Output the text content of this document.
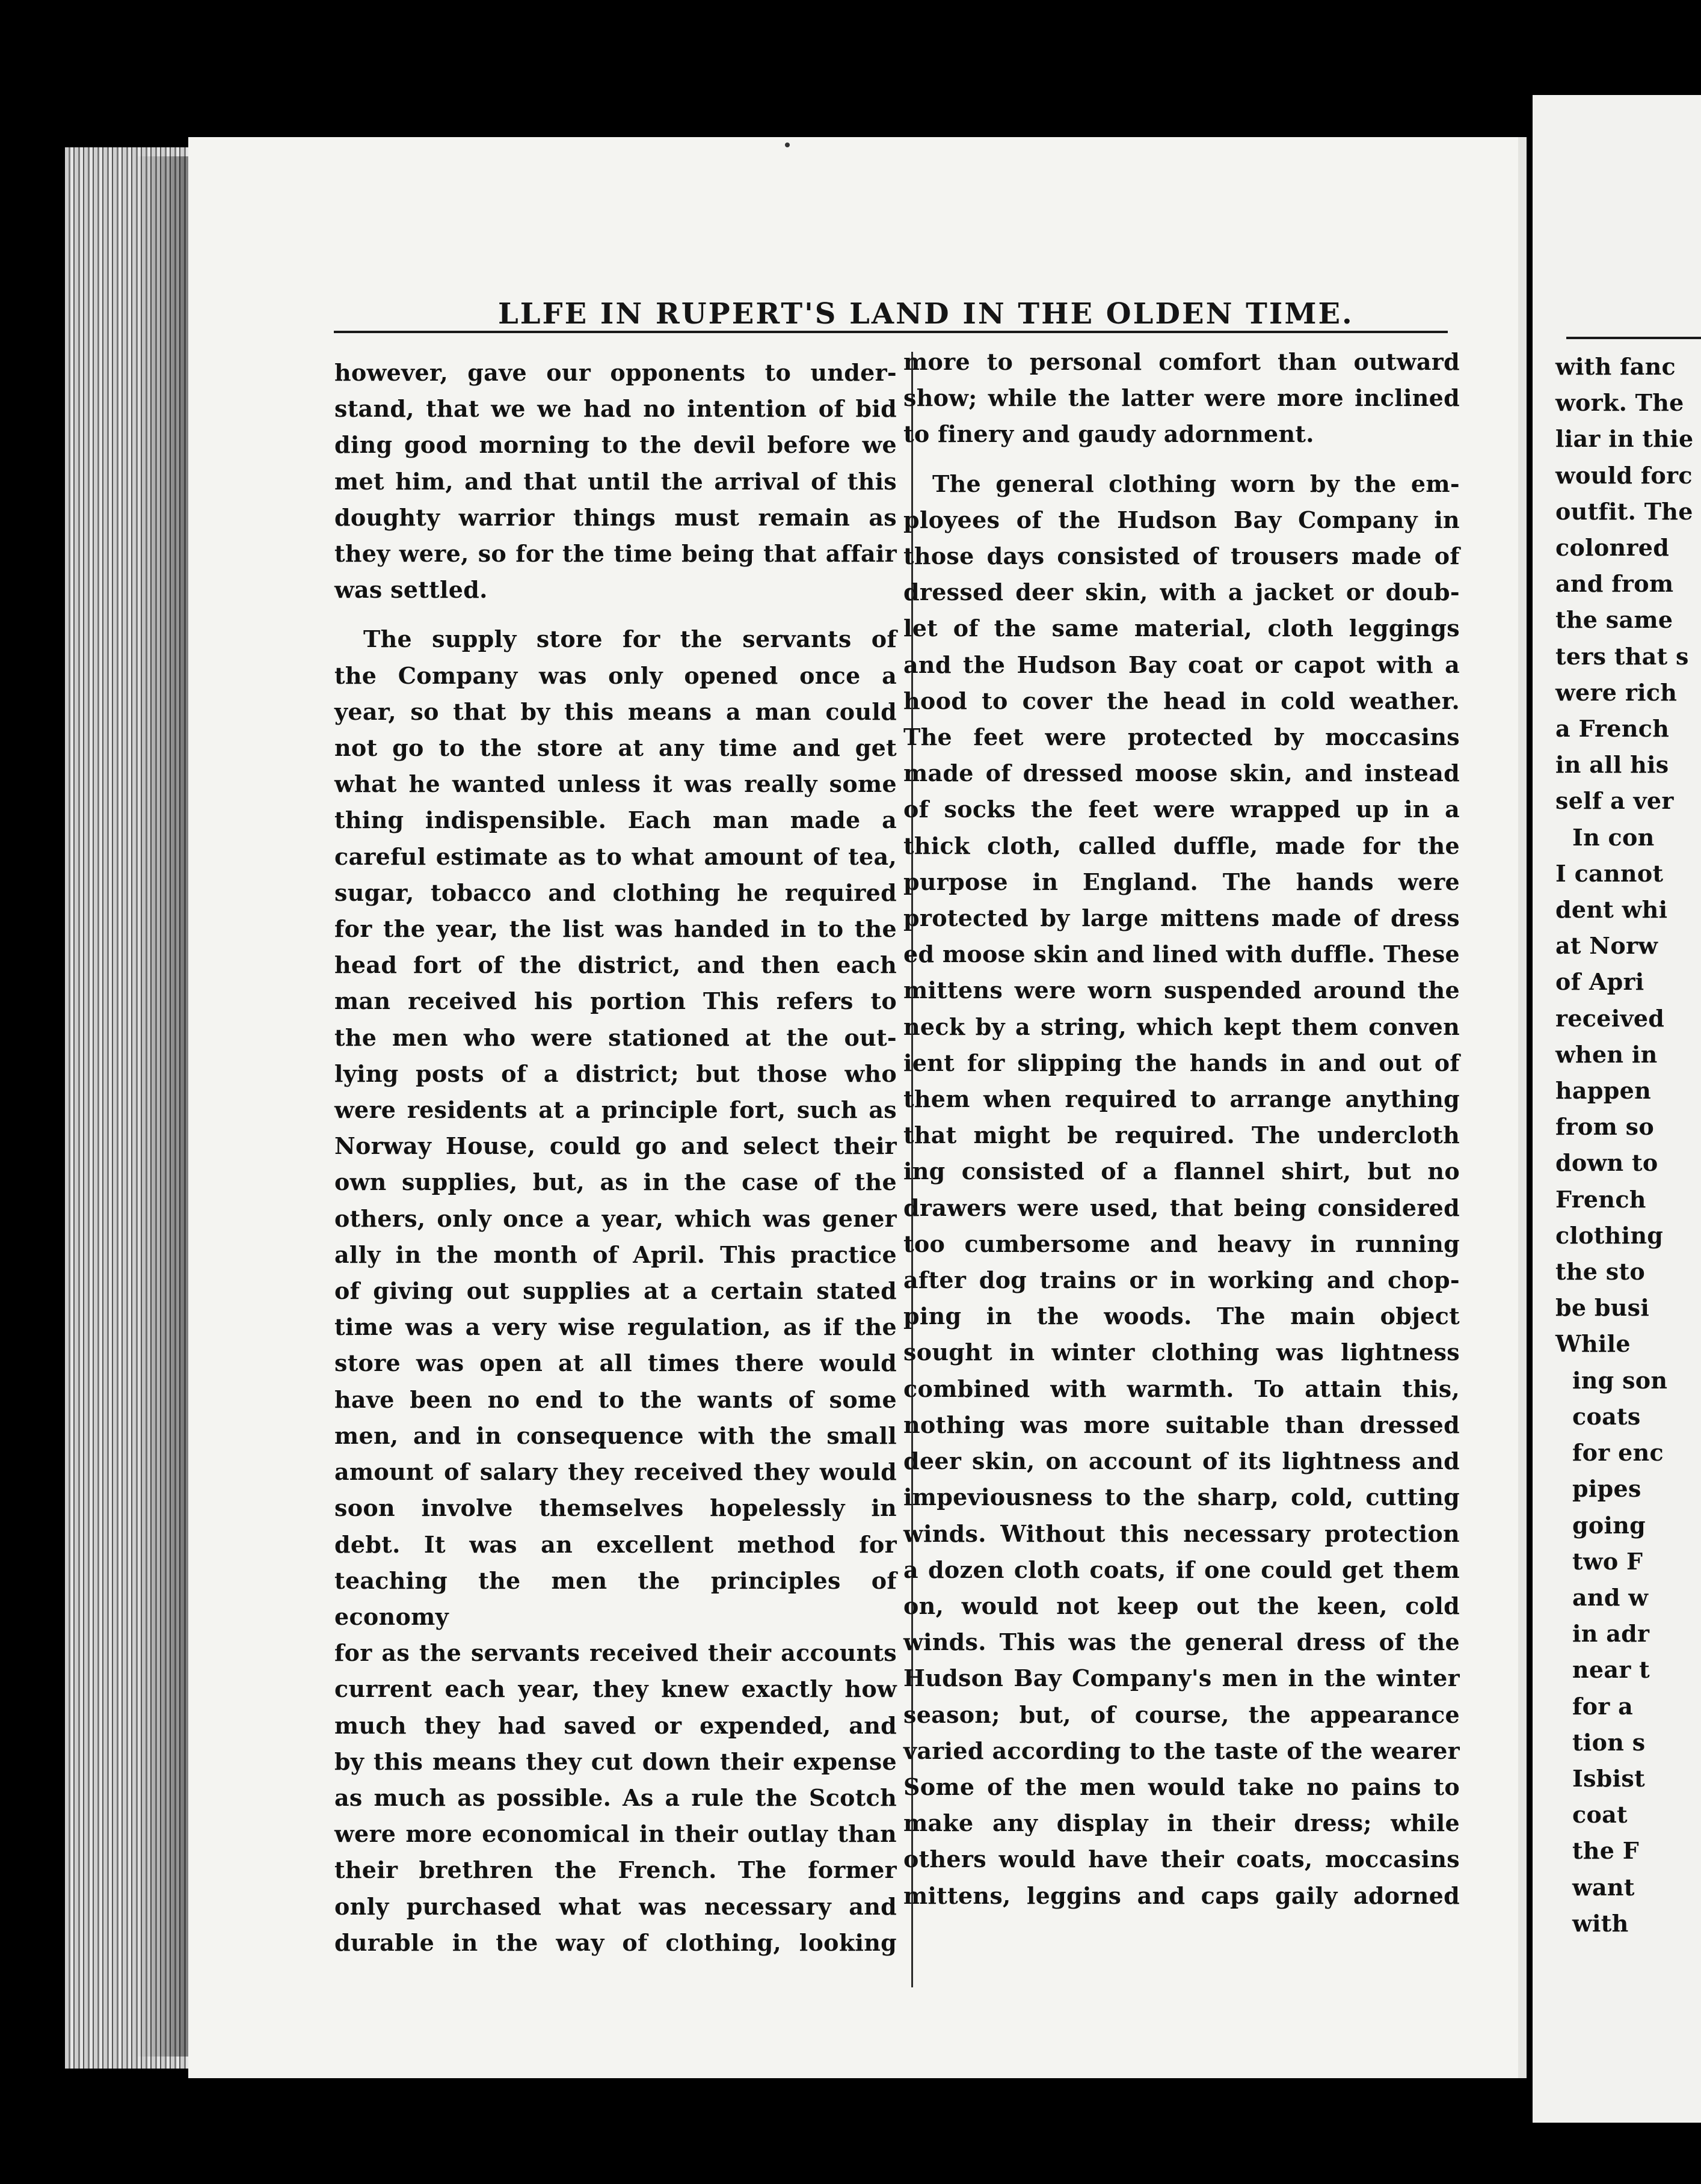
LLFE IN RUPERT'S LAND IN THE OLDEN TIME.
however, gave our opponents to under-
stand, that we we had no intention of bid
ding good morning to the devil before we
met him, and that until the arrival of this
doughty warrior things must remain as
they were, so for the time being that affair
was settled.
The supply store for the servants of
the Company was only opened once a
year, so that by this means a man could
not go to the store at any time and get
what he wanted unless it was really some
thing indispensible. Each man made a
careful estimate as to what amount of tea,
sugar, tobacco and clothing he required
for the year, the list was handed in to the
head fort of the district, and then each
man received his portion This refers to
the men who were stationed at the out-
lying posts of a district; but those who
were residents at a principle fort, such as
Norway House, could go and select their
own supplies, but, as in the case of the
others, only once a year, which was gener
ally in the month of April. This practice
of giving out supplies at a certain stated
time was a very wise regulation, as if the
store was open at all times there would
have been no end to the wants of some
men, and in consequence with the small
amount of salary they received they would
soon involve themselves hopelessly in
debt. It was an excellent method for
teaching the men the principles of economy
for as the servants received their accounts
current each year, they knew exactly how
much they had saved or expended, and
by this means they cut down their expense
as much as possible. As a rule the Scotch
were more economical in their outlay than
their brethren the French. The former
only purchased what was necessary and
durable in the way of clothing, looking
more to personal comfort than outward
show; while the latter were more inclined
to finery and gaudy adornment.
The general clothing worn by the em-
ployees of the Hudson Bay Company in
those days consisted of trousers made of
dressed deer skin, with a jacket or doub-
let of the same material, cloth leggings
and the Hudson Bay coat or capot with a
hood to cover the head in cold weather.
The feet were protected by moccasins
made of dressed moose skin, and instead
of socks the feet were wrapped up in a
thick cloth, called duffle, made for the
purpose in England. The hands were
protected by large mittens made of dress
ed moose skin and lined with duffle. These
mittens were worn suspended around the
neck by a string, which kept them conven
ient for slipping the hands in and out of
them when required to arrange anything
that might be required. The undercloth
ing consisted of a flannel shirt, but no
drawers were used, that being considered
too cumbersome and heavy in running
after dog trains or in working and chop-
ping in the woods. The main object
sought in winter clothing was lightness
combined with warmth. To attain this,
nothing was more suitable than dressed
deer skin, on account of its lightness and
impeviousness to the sharp, cold, cutting
winds. Without this necessary protection
a dozen cloth coats, if one could get them
on, would not keep out the keen, cold
winds. This was the general dress of the
Hudson Bay Company's men in the winter
season; but, of course, the appearance
varied according to the taste of the wearer
Some of the men would take no pains to
make any display in their dress; while
others would have their coats, moccasins
mittens, leggins and caps gaily adorned
with fanc
work. The
liar in thie
would forc
outfit. The
colonred
and from
the same
ters that s
were rich
a French
in all his
self a ver
In con
I cannot
dent whi
at Norw
of Apri
received
when in
happen
from so
down to
French
clothing
the sto
be busi
While
ing son
coats
for enc
pipes
going
two F
and w
in adr
near t
for a
tion s
Isbist
coat
the F
want
with
